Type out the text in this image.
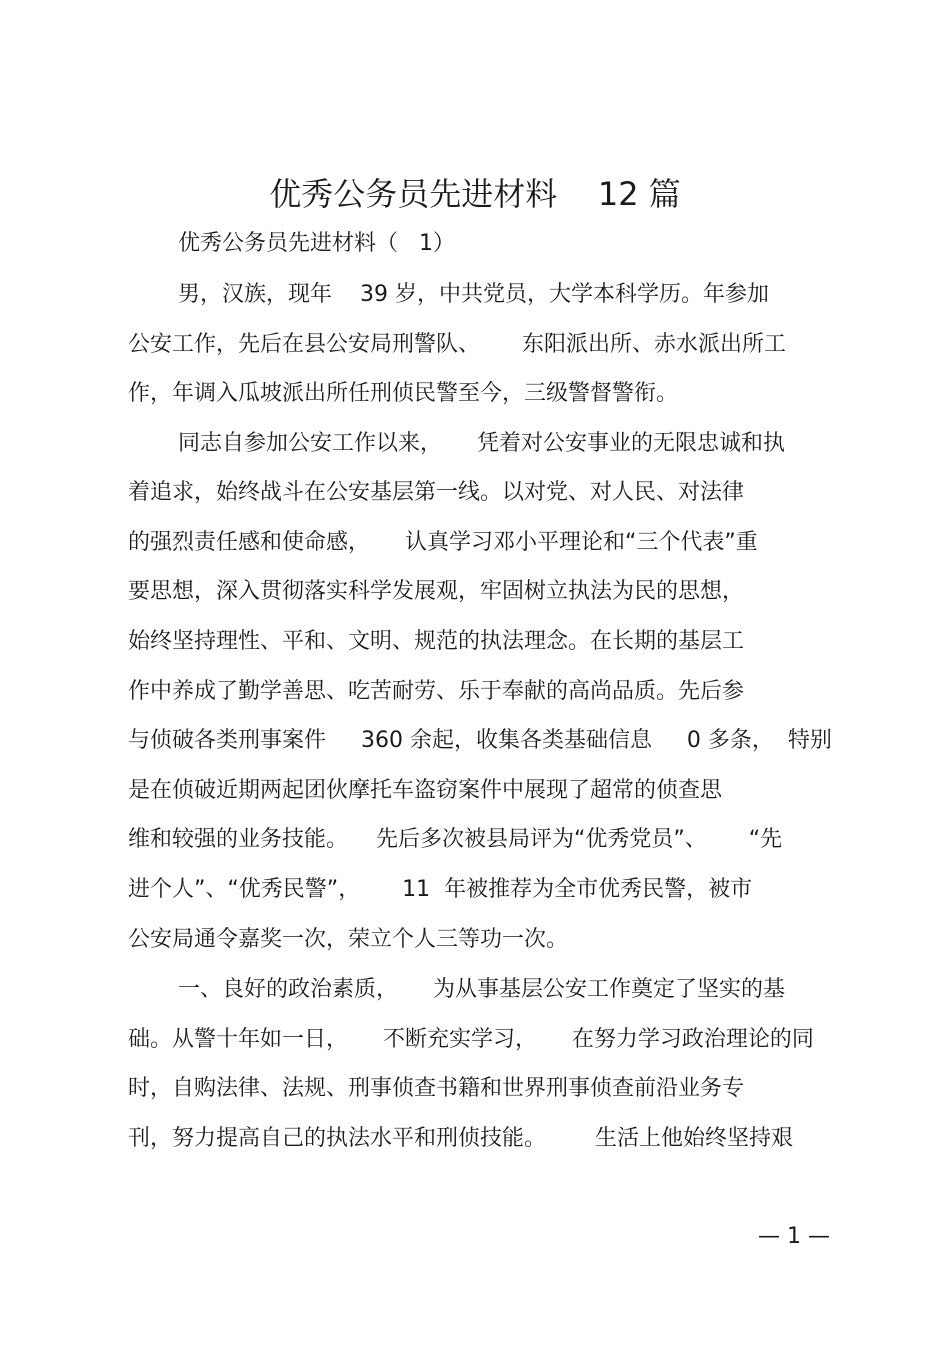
优秀公务员先进材料    12 篇
优秀公务员先进材料（   1）
男，汉族，现年    39 岁，中共党员，大学本科学历。年参加
公安工作，先后在县公安局刑警队、      东阳派出所、赤水派出所工
作，年调入瓜坡派出所任刑侦民警至今，三级警督警衔。
同志自参加公安工作以来，     凭着对公安事业的无限忠诚和执
着追求，始终战斗在公安基层第一线。以对党、对人民、对法律
的强烈责任感和使命感，     认真学习邓小平理论和“三个代表”重
要思想，深入贯彻落实科学发展观，牢固树立执法为民的思想，
始终坚持理性、平和、文明、规范的执法理念。在长期的基层工
作中养成了勤学善思、吃苦耐劳、乐于奉献的高尚品质。先后参
与侦破各类刑事案件     360 余起，收集各类基础信息     0 多条，  特别
是在侦破近期两起团伙摩托车盗窃案件中展现了超常的侦查思
维和较强的业务技能。    先后多次被县局评为“优秀党员”、      “先
进个人”、“优秀民警”，      11  年被推荐为全市优秀民警，被市
公安局通令嘉奖一次，荣立个人三等功一次。
一、良好的政治素质，     为从事基层公安工作奠定了坚实的基
础。从警十年如一日，     不断充实学习，     在努力学习政治理论的同
时，自购法律、法规、刑事侦查书籍和世界刑事侦查前沿业务专
刊，努力提高自己的执法水平和刑侦技能。       生活上他始终坚持艰
— 1 —
